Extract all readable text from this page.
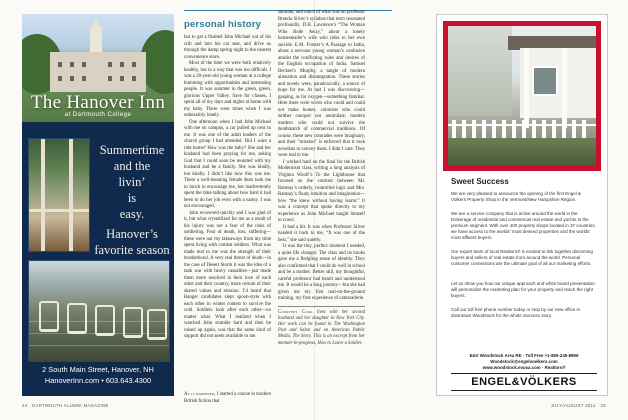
The Hanover Inn
at Dartmouth College
Summertime
and the
livin’
is
easy.
Hanover’s favorite season
2 South Main Street, Hanover, NH
HanoverInn.com • 603.643.4300
personal history

but to get a flushed John Michael out of his crib and into his car seat, and drive us through the damp spring night to the nearest convenience store.

Most of the time we were both relatively healthy, but in a way that was too difficult. I was a 20-year-old young woman at a college humming with opportunities and interesting people. It was summer in the green, green, glorious Upper Valley. Save for classes, I spent all of my days and nights at home with my baby. There were times when I was unbearably lonely.

One afternoon when I had John Michael with me on campus, a car pulled up next to me. It was one of the adult leaders of the church group I had attended. Did I want a ride home? How was the baby? She and her husband had been praying for me, asking God that I could soon be reunited with my husband and be a family. She was kindly, too kindly. I didn’t like how this was me. There a well-meaning female dean took me to lunch to encourage me, but inadvertently spent the time talking about how hard it had been to do her job even with a nanny. I was not encouraged.

John recovered quickly and I was glad of it, but what crystallized for me as a result of his injury was not a fear of the risks of soldiering. Fear of death, loss, suffering—these were not my takeaways from my time spent living with combat soldiers. What was made real to me was the strength of their brotherhood. A very real threat of death—in the case of Desert Storm it was the idea of a tank war with heavy casualties—just made them more resolved in their love of each other and their country, more certain of their shared values and mission. I’d heard that Ranger candidates slept spoon-style with each other in winter contest to survive the cold. Soldiers look after each other—no matter what. What I realized when I watched John stumble hard and then be raised up again, was that the same kind of support did not seem available to me.

As it happened, I started a course in modern British fiction that

summer, and much of what was on professor Brenda Silver’s syllabus that term resonated profoundly. D.H. Lawrence’s “The Woman Who Rode Away,” about a lonely homesteader’s wife who rides to her own suicide. E.M. Forster’s A Passage to India, about a nervous young woman’s confusion amidst the conflicting rules and desires of the English occupation of India. Samuel Beckett’s Murphy, a tangle of modern alienation and disintegration. These stories and novels were, paradoxically, a source of hope for me. At last I was discovering—gasping, as for oxygen—something familiar. Here there were wives who could and could not make homes, colonists who could neither conquer nor assimilate, modern modern who could not survive the deathmatch of commercial traditions. Of course, these new comrades were imaginary, and their “mission” is enforced that it took novelists to convey them. I didn’t care. They were real to me.

I worked hard on the final for the British Modernism class, writing a long analysis of Virginia Woolf’s To the Lighthouse that focused on the contrast between Mr. Ramsay’s orderly, controlled logic and Mrs. Ramsay’s floaty intuition and imagination—how “the knew without having learnt.” It was a concept that spoke directly to my experience as John Michael taught himself to crawl.

It had a hit. It was when Professor Silver handed it back to me, “It was one of the best,” she said quietly.

It was the tiny, perfect moment I needed, a quiet life changer. The class and its books gave me a fledgling sense of identity. They also confirmed that I could do well in school and be a mother. Better still, my thoughtful, careful professor had heard and understood me. It would be a long journey—but she had given me my first real-on-the-ground training, my first experience of camaraderie.

Courtney Cook lives with her second husband and her daughter in New York City. Her work can be found in The Washington Post and Salon and on American Public Media. The Story. This is an excerpt from her memoir-in-progress, How to Leave a Soldier.
Sweet Success
We are very pleased to announce the opening of the first Engel & Völkers Property Shop in the Vermont/New Hampshire Region.
We are a service company that is active around the world in the brokerage of residential and commercial real estate and yachts in the premium segment. With over 400 property shops located in 37 countries, we have access to the worlds’ most desired properties and the worlds’ most affluent buyers.
Our expert team of local Realtors® is excited to link together discerning buyers and sellers of real estate from around the world. Personal customer connections are the ultimate goal of all our marketing efforts.
Let us show you how our unique approach and white board presentation will personalize the marketing plan for your property and reach the right buyers.
Call our toll free phone number today or stop by our new office in downtown Woodstock for the whole Success story.
E&V Woodstock Area RE · Toll Free +1-855-245-8896
Woodstock@engelvoelkers.com
www.woodstock.evusa.com · Realtors®
ENGEL&VÖLKERS
24 DARTMOUTH ALUMNI MAGAZINE	JULY/AUGUST 2011 25
